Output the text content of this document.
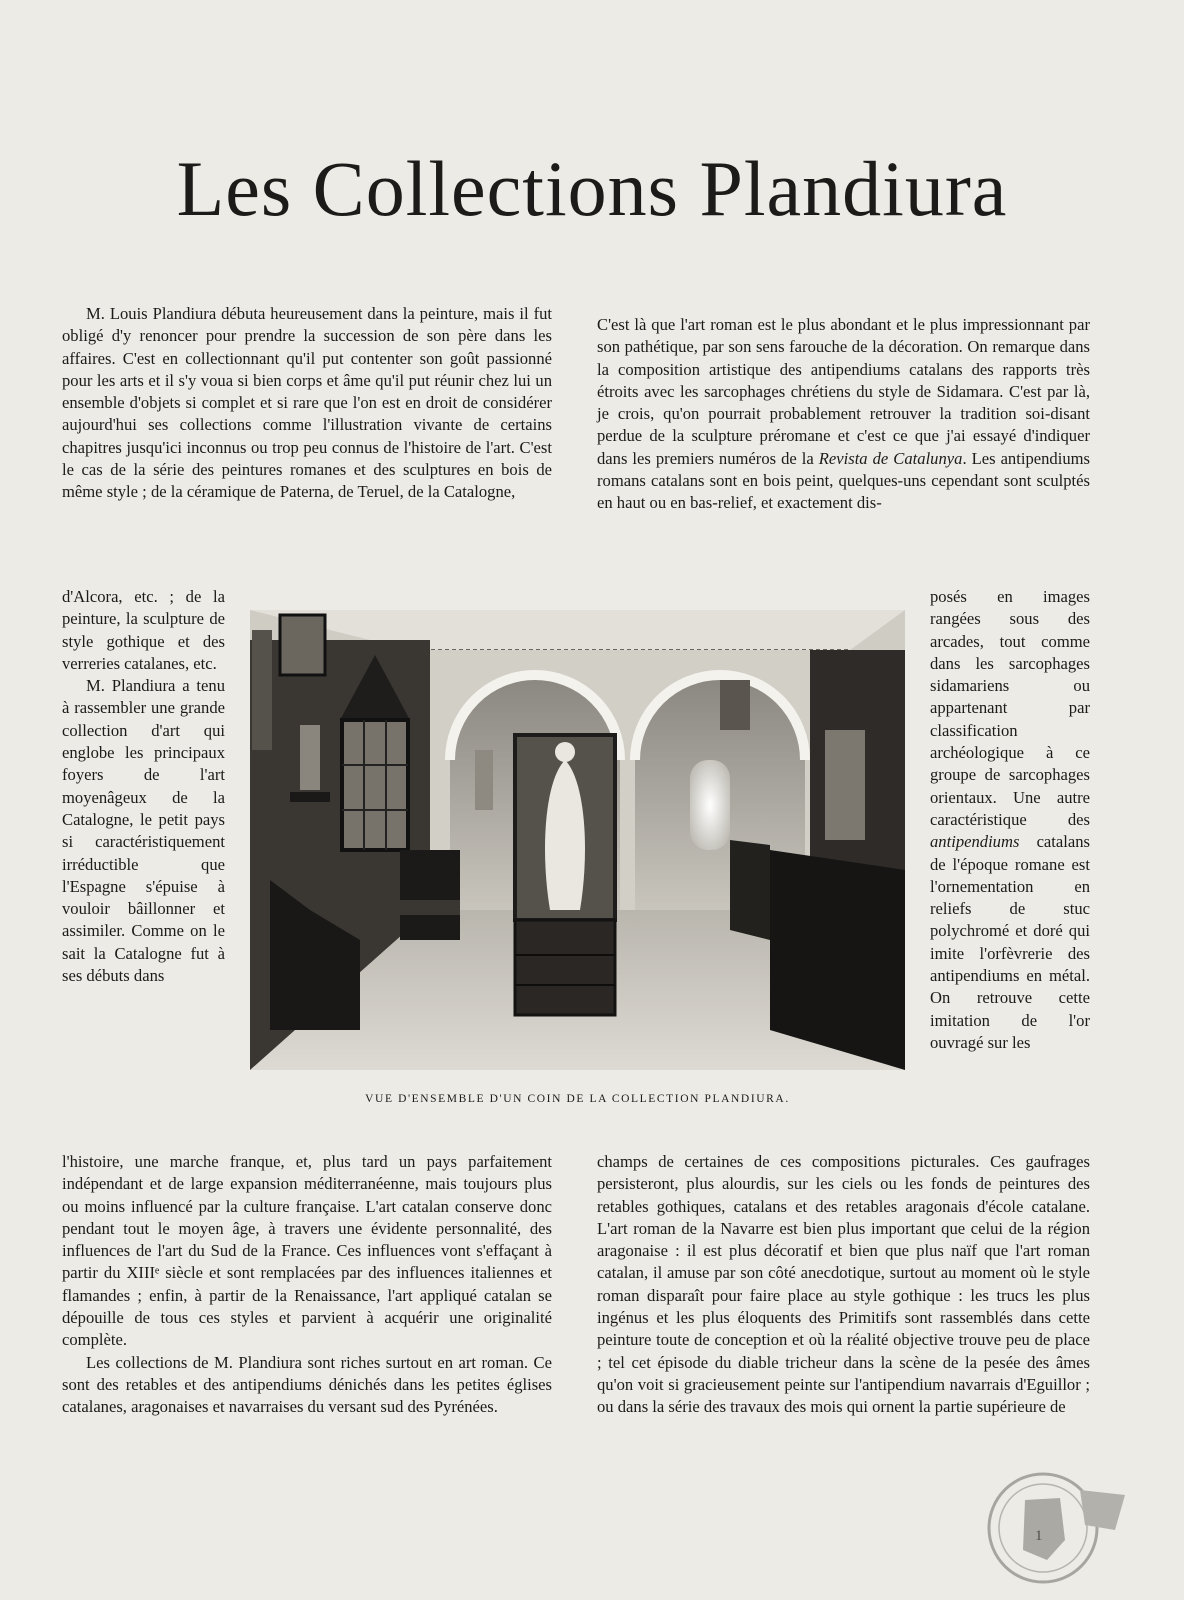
Les Collections Plandiura

M. Louis Plandiura débuta heureusement dans la peinture, mais il fut obligé d'y renoncer pour prendre la succession de son père dans les affaires. C'est en collectionnant qu'il put contenter son goût passionné pour les arts et il s'y voua si bien corps et âme qu'il put réunir chez lui un ensemble d'objets si complet et si rare que l'on est en droit de considérer aujourd'hui ses collections comme l'illustration vivante de certains chapitres jusqu'ici inconnus ou trop peu connus de l'histoire de l'art. C'est le cas de la série des peintures romanes et des sculptures en bois de même style ; de la céramique de Paterna, de Teruel, de la Catalogne,

d'Alcora, etc. ; de la peinture, la sculpture de style gothique et des verreries catalanes, etc.

M. Plandiura a tenu à rassembler une grande collection d'art qui englobe les principaux foyers de l'art moyenâgeux de la Catalogne, le petit pays si caractéristiquement irréductible que l'Espagne s'épuise à vouloir bâillonner et assimiler. Comme on le sait la Catalogne fut à ses débuts dans

l'histoire, une marche franque, et, plus tard un pays parfaitement indépendant et de large expansion méditerranéenne, mais toujours plus ou moins influencé par la culture française. L'art catalan conserve donc pendant tout le moyen âge, à travers une évidente personnalité, des influences de l'art du Sud de la France. Ces influences vont s'effaçant à partir du XIIIᵉ siècle et sont remplacées par des influences italiennes et flamandes ; enfin, à partir de la Renaissance, l'art appliqué catalan se dépouille de tous ces styles et parvient à acquérir une originalité complète.

Les collections de M. Plandiura sont riches surtout en art roman. Ce sont des retables et des antipendiums dénichés dans les petites églises catalanes, aragonaises et navarraises du versant sud des Pyrénées.

C'est là que l'art roman est le plus abondant et le plus impressionnant par son pathétique, par son sens farouche de la décoration. On remarque dans la composition artistique des antipendiums catalans des rapports très étroits avec les sarcophages chrétiens du style de Sidamara. C'est par là, je crois, qu'on pourrait probablement retrouver la tradition soi-disant perdue de la sculpture préromane et c'est ce que j'ai essayé d'indiquer dans les premiers numéros de la Revista de Catalunya. Les antipendiums romans catalans sont en bois peint, quelques-uns cependant sont sculptés en haut ou en bas-relief, et exactement dis-

posés en images rangées sous des arcades, tout comme dans les sarcophages sidamariens ou appartenant par classification archéologique à ce groupe de sarcophages orientaux. Une autre caractéristique des antipendiums catalans de l'époque romane est l'ornementation en reliefs de stuc polychromé et doré qui imite l'orfèvrerie des antipendiums en métal. On retrouve cette imitation de l'or ouvragé sur les

champs de certaines de ces compositions picturales. Ces gaufrages persisteront, plus alourdis, sur les ciels ou les fonds de peintures des retables gothiques, catalans et des retables aragonais d'école catalane. L'art roman de la Navarre est bien plus important que celui de la région aragonaise : il est plus décoratif et bien que plus naïf que l'art roman catalan, il amuse par son côté anecdotique, surtout au moment où le style roman disparaît pour faire place au style gothique : les trucs les plus ingénus et les plus éloquents des Primitifs sont rassemblés dans cette peinture toute de conception et où la réalité objective trouve peu de place ; tel cet épisode du diable tricheur dans la scène de la pesée des âmes qu'on voit si gracieusement peinte sur l'antipendium navarrais d'Eguillor ; ou dans la série des travaux des mois qui ornent la partie supérieure de

VUE D'ENSEMBLE D'UN COIN DE LA COLLECTION PLANDIURA.
